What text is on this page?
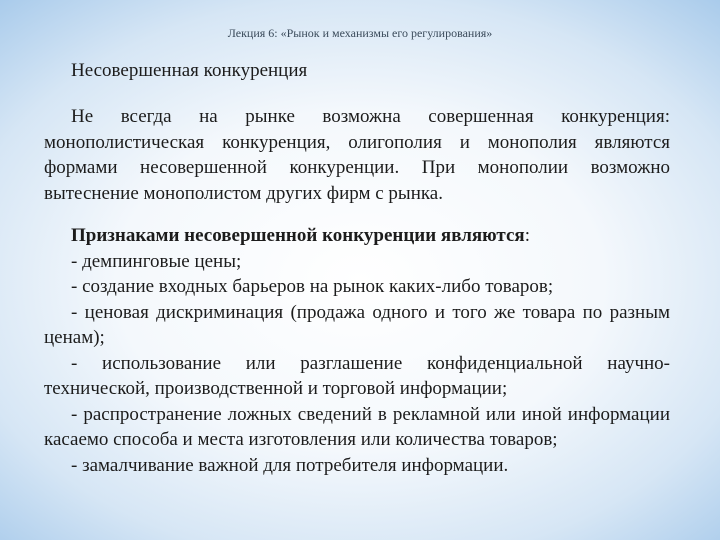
Лекция 6: «Рынок и механизмы его регулирования»

Несовершенная конкуренция

Не всегда на рынке возможна совершенная конкуренция: монополистическая конкуренция, олигополия и монополия являются формами несовершенной конкуренции. При монополии возможно вытеснение монополистом других фирм с рынка.

Признаками несовершенной конкуренции являются:

- демпинговые цены;
- создание входных барьеров на рынок каких-либо товаров;
- ценовая дискриминация (продажа одного и того же товара по разным ценам);
- использование или разглашение конфиденциальной научно-технической, производственной и торговой информации;
- распространение ложных сведений в рекламной или иной информации касаемо способа и места изготовления или количества товаров;
- замалчивание важной для потребителя информации.
